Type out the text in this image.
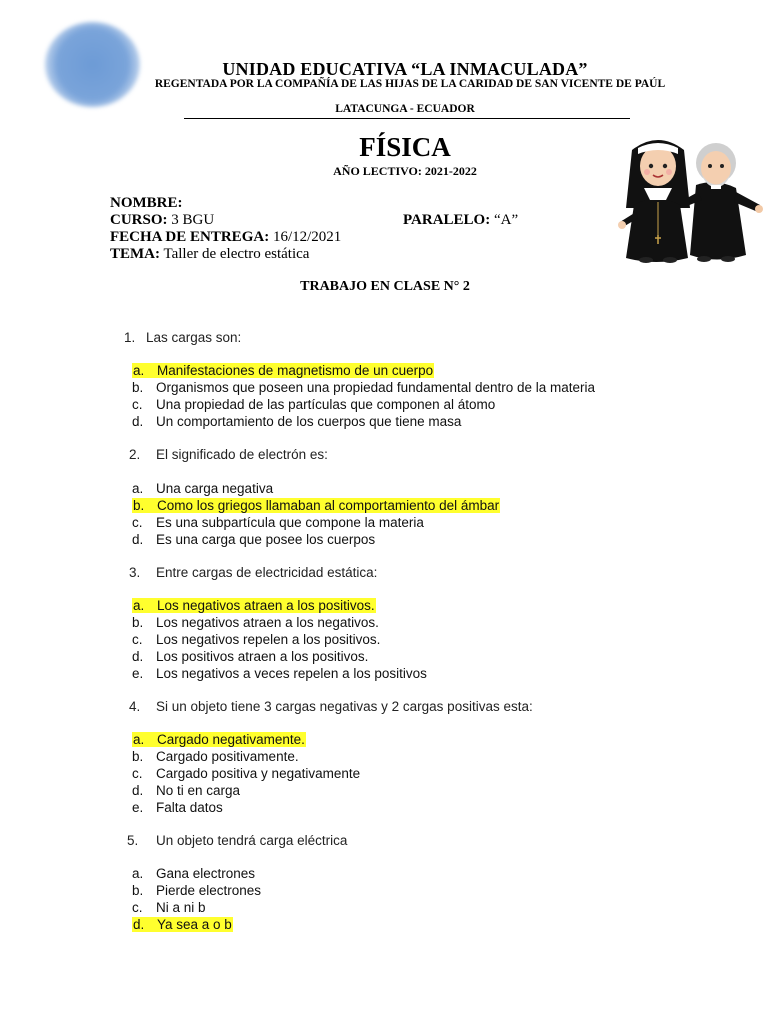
UNIDAD EDUCATIVA “LA INMACULADA”
REGENTADA POR LA COMPAÑÍA DE LAS HIJAS DE LA CARIDAD DE SAN VICENTE DE PAÚL
LATACUNGA - ECUADOR
FÍSICA
AÑO LECTIVO: 2021-2022
NOMBRE:
CURSO: 3 BGU	PARALELO: “A”
FECHA DE ENTREGA: 16/12/2021
TEMA: Taller de electro estática
TRABAJO EN CLASE N° 2
1. Las cargas son:
a. Manifestaciones de magnetismo de un cuerpo
b. Organismos que poseen una propiedad fundamental dentro de la materia
c. Una propiedad de las partículas que componen al átomo
d. Un comportamiento de los cuerpos que tiene masa
2. El significado de electrón es:
a. Una carga negativa
b. Como los griegos llamaban al comportamiento del ámbar
c. Es una subpartícula que compone la materia
d. Es una carga que posee los cuerpos
3. Entre cargas de electricidad estática:
a. Los negativos atraen a los positivos.
b. Los negativos atraen a los negativos.
c. Los negativos repelen a los positivos.
d. Los positivos atraen a los positivos.
e. Los negativos a veces repelen a los positivos
4. Si un objeto tiene 3 cargas negativas y 2 cargas positivas esta:
a. Cargado negativamente.
b. Cargado positivamente.
c. Cargado positiva y negativamente
d. No ti en carga
e. Falta datos
5. Un objeto tendrá carga eléctrica
a. Gana electrones
b. Pierde electrones
c. Ni a ni b
d. Ya sea a o b
